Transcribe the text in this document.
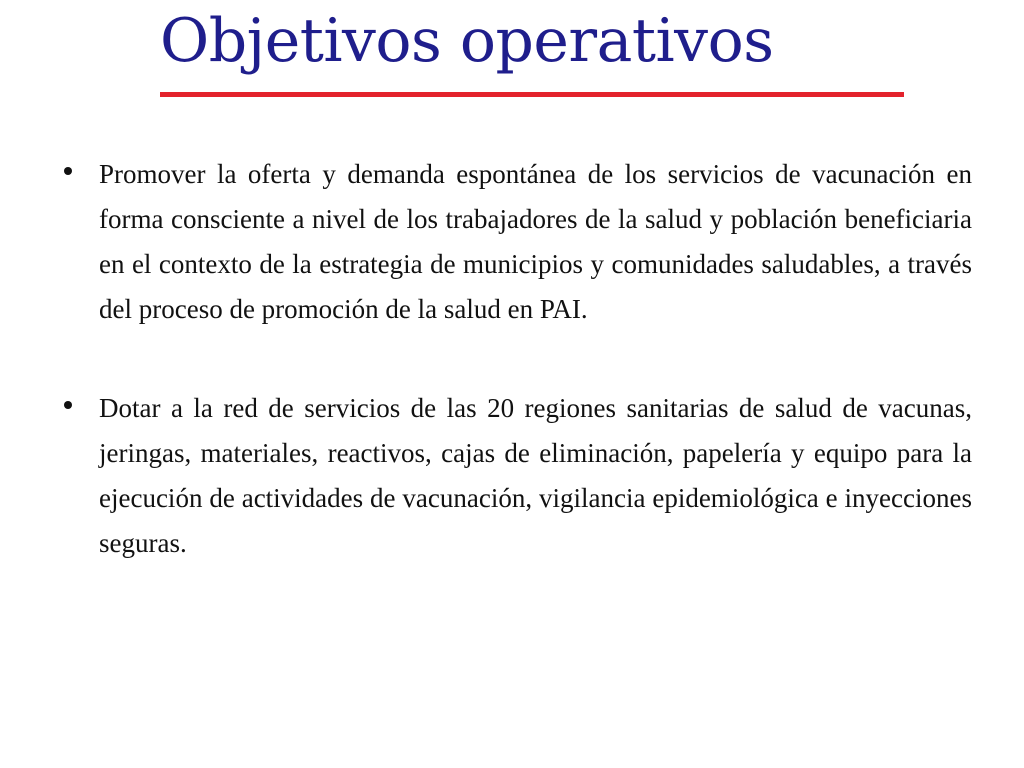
Objetivos operativos
Promover la oferta y demanda espontánea de los servicios de vacunación en forma consciente a nivel de los trabajadores de la salud y población beneficiaria en el contexto de la estrategia de municipios y comunidades saludables, a través del proceso de promoción de la salud en PAI.
Dotar a la red de servicios de las 20 regiones sanitarias de salud de vacunas, jeringas, materiales, reactivos, cajas de eliminación, papelería y equipo para la ejecución de actividades de vacunación, vigilancia epidemiológica e inyecciones seguras.
